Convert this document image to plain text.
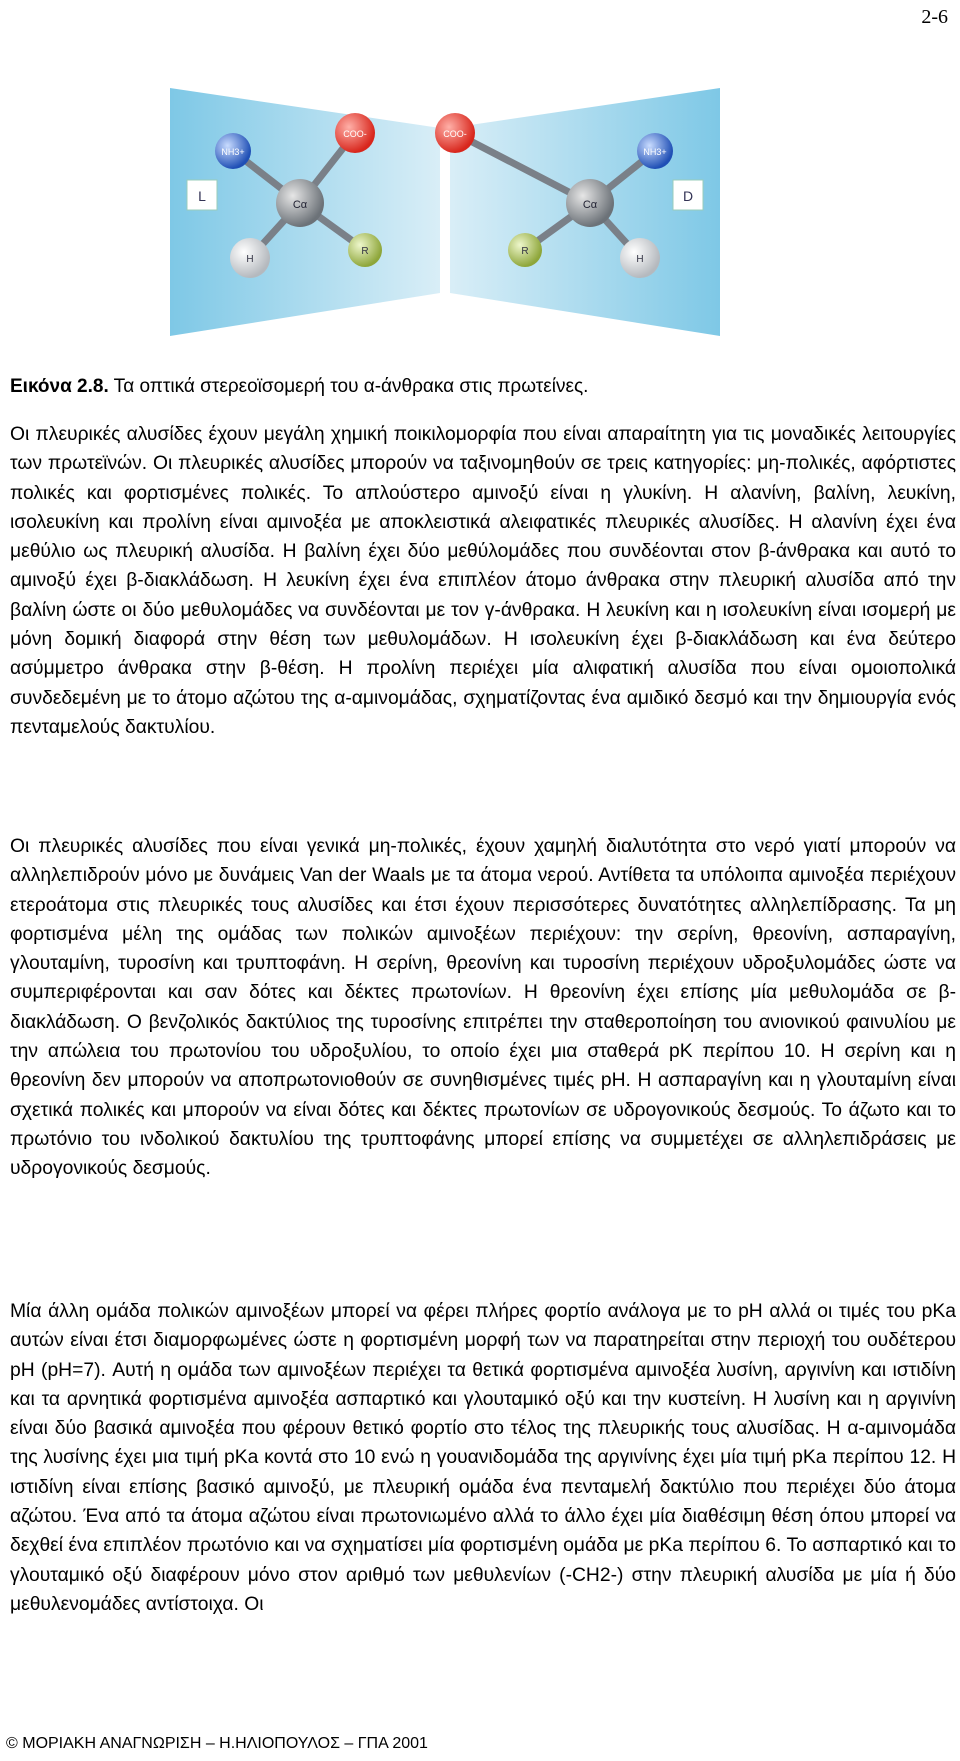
2-6
L	D
NH3+
COO-
Cα
H
R
COO-
NH3+
Cα
R
H
Εικόνα 2.8. Τα οπτικά στερεοϊσομερή του α-άνθρακα στις πρωτείνες.

Οι πλευρικές αλυσίδες έχουν μεγάλη χημική ποικιλομορφία που είναι απαραίτητη για τις μοναδικές λειτουργίες των πρωτεϊνών. Οι πλευρικές αλυσίδες μπορούν να ταξινομηθούν σε τρεις κατηγορίες: μη-πολικές, αφόρτιστες πολικές και φορτισμένες πολικές. Το απλούστερο αμινοξύ είναι η γλυκίνη. Η αλανίνη, βαλίνη, λευκίνη, ισολευκίνη και προλίνη είναι αμινοξέα με αποκλειστικά αλειφατικές πλευρικές αλυσίδες. Η αλανίνη έχει ένα μεθύλιο ως πλευρική αλυσίδα. Η βαλίνη έχει δύο μεθύλομάδες που συνδέονται στον β-άνθρακα και αυτό το αμινοξύ έχει β-διακλάδωση. Η λευκίνη έχει ένα επιπλέον άτομο άνθρακα στην πλευρική αλυσίδα από την βαλίνη ώστε οι δύο μεθυλομάδες να συνδέονται με τον γ-άνθρακα. Η λευκίνη και η ισολευκίνη είναι ισομερή με μόνη δομική διαφορά στην θέση των μεθυλομάδων. Η ισολευκίνη έχει β-διακλάδωση και ένα δεύτερο ασύμμετρο άνθρακα στην β-θέση. Η προλίνη περιέχει μία αλιφατική αλυσίδα που είναι ομοιοπολικά συνδεδεμένη με το άτομο αζώτου της α-αμινομάδας, σχηματίζοντας ένα αμιδικό δεσμό και την δημιουργία ενός πενταμελούς δακτυλίου.

Οι πλευρικές αλυσίδες που είναι γενικά μη-πολικές, έχουν χαμηλή διαλυτότητα στο νερό γιατί μπορούν να αλληλεπιδρούν μόνο με δυνάμεις Van der Waals με τα άτομα νερού. Αντίθετα τα υπόλοιπα αμινοξέα περιέχουν ετεροάτομα στις πλευρικές τους αλυσίδες και έτσι έχουν περισσότερες δυνατότητες αλληλεπίδρασης. Τα μη φορτισμένα μέλη της ομάδας των πολικών αμινοξέων περιέχουν: την σερίνη, θρεονίνη, ασπαραγίνη, γλουταμίνη, τυροσίνη και τρυπτοφάνη. Η σερίνη, θρεονίνη και τυροσίνη περιέχουν υδροξυλομάδες ώστε να συμπεριφέρονται και σαν δότες και δέκτες πρωτονίων. Η θρεονίνη έχει επίσης μία μεθυλομάδα σε β-διακλάδωση. Ο βενζολικός δακτύλιος της τυροσίνης επιτρέπει την σταθεροποίηση του ανιονικού φαινυλίου με την απώλεια του πρωτονίου του υδροξυλίου, το οποίο έχει μια σταθερά pK περίπου 10. Η σερίνη και η θρεονίνη δεν μπορούν να αποπρωτονιοθούν σε συνηθισμένες τιμές pH. Η ασπαραγίνη και η γλουταμίνη είναι σχετικά πολικές και μπορούν να είναι δότες και δέκτες πρωτονίων σε υδρογονικούς δεσμούς. Το άζωτο και το πρωτόνιο του ινδολικού δακτυλίου της τρυπτοφάνης μπορεί επίσης να συμμετέχει σε αλληλεπιδράσεις με υδρογονικούς δεσμούς.

Μία άλλη ομάδα πολικών αμινοξέων μπορεί να φέρει πλήρες φορτίο ανάλογα με το pH αλλά οι τιμές του pKa αυτών είναι έτσι διαμορφωμένες ώστε η φορτισμένη μορφή των να παρατηρείται στην περιοχή του ουδέτερου pH (pH=7). Αυτή η ομάδα των αμινοξέων περιέχει τα θετικά φορτισμένα αμινοξέα λυσίνη, αργινίνη και ιστιδίνη και τα αρνητικά φορτισμένα αμινοξέα ασπαρτικό και γλουταμικό οξύ και την κυστείνη. Η λυσίνη και η αργινίνη είναι δύο βασικά αμινοξέα που φέρουν θετικό φορτίο στο τέλος της πλευρικής τους αλυσίδας. Η α-αμινομάδα της λυσίνης έχει μια τιμή pKa κοντά στο 10 ενώ η γουανιδομάδα της αργινίνης έχει μία τιμή pKa περίπου 12. Η ιστιδίνη είναι επίσης βασικό αμινοξύ, με πλευρική ομάδα ένα πενταμελή δακτύλιο που περιέχει δύο άτομα αζώτου. Ένα από τα άτομα αζώτου είναι πρωτονιωμένο αλλά το άλλο έχει μία διαθέσιμη θέση όπου μπορεί να δεχθεί ένα επιπλέον πρωτόνιο και να σχηματίσει μία φορτισμένη ομάδα με pKa περίπου 6. Το ασπαρτικό και το γλουταμικό οξύ διαφέρουν μόνο στον αριθμό των μεθυλενίων (-CH2-) στην πλευρική αλυσίδα με μία ή δύο μεθυλενομάδες αντίστοιχα. Οι

© ΜΟΡΙΑΚΗ ΑΝΑΓΝΩΡΙΣΗ – Η.ΗΛΙΟΠΟΥΛΟΣ – ΓΠΑ 2001
